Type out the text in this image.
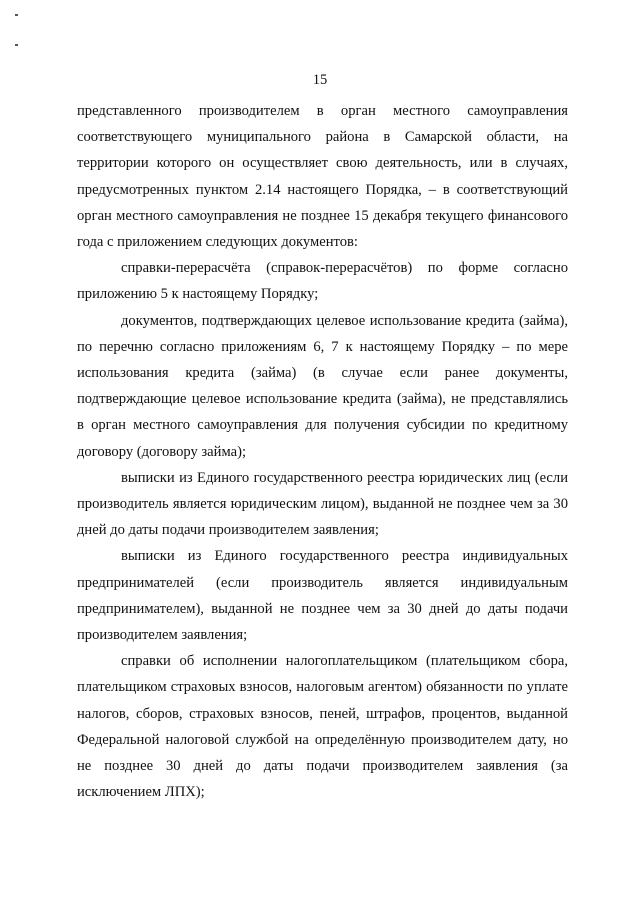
15

представленного производителем в орган местного самоуправления соответствующего муниципального района в Самарской области, на территории которого он осуществляет свою деятельность, или в случаях, предусмотренных пунктом 2.14 настоящего Порядка, – в соответствующий орган местного самоуправления не позднее 15 декабря текущего финансового года с приложением следующих документов:

справки-перерасчёта (справок-перерасчётов) по форме согласно приложению 5 к настоящему Порядку;

документов, подтверждающих целевое использование кредита (займа), по перечню согласно приложениям 6, 7 к настоящему Порядку – по мере использования кредита (займа) (в случае если ранее документы, подтверждающие целевое использование кредита (займа), не представлялись в орган местного самоуправления для получения субсидии по кредитному договору (договору займа);

выписки из Единого государственного реестра юридических лиц (если производитель является юридическим лицом), выданной не позднее чем за 30 дней до даты подачи производителем заявления;

выписки из Единого государственного реестра индивидуальных предпринимателей (если производитель является индивидуальным предпринимателем), выданной не позднее чем за 30 дней до даты подачи производителем заявления;

справки об исполнении налогоплательщиком (плательщиком сбора, плательщиком страховых взносов, налоговым агентом) обязанности по уплате налогов, сборов, страховых взносов, пеней, штрафов, процентов, выданной Федеральной налоговой службой на определённую производителем дату, но не позднее 30 дней до даты подачи производителем заявления (за исключением ЛПХ);
